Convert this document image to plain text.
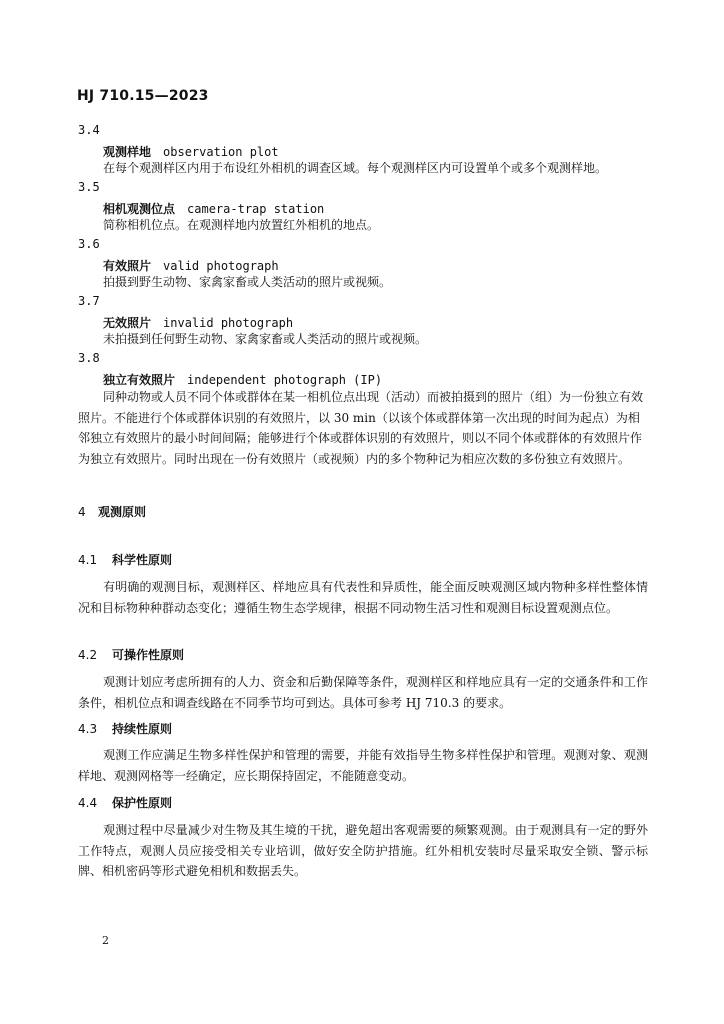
HJ 710.15—2023
3.4
观测样地 observation plot
在每个观测样区内用于布设红外相机的调查区域。每个观测样区内可设置单个或多个观测样地。
3.5
相机观测位点 camera-trap station
简称相机位点。在观测样地内放置红外相机的地点。
3.6
有效照片 valid photograph
拍摄到野生动物、家禽家畜或人类活动的照片或视频。
3.7
无效照片 invalid photograph
未拍摄到任何野生动物、家禽家畜或人类活动的照片或视频。
3.8
独立有效照片 independent photograph (IP)
同种动物或人员不同个体或群体在某一相机位点出现（活动）而被拍摄到的照片（组）为一份独立有效照片。不能进行个体或群体识别的有效照片，以 30 min（以该个体或群体第一次出现的时间为起点）为相邻独立有效照片的最小时间间隔；能够进行个体或群体识别的有效照片，则以不同个体或群体的有效照片作为独立有效照片。同时出现在一份有效照片（或视频）内的多个物种记为相应次数的多份独立有效照片。
4 观测原则
4.1 科学性原则
有明确的观测目标，观测样区、样地应具有代表性和异质性，能全面反映观测区域内物种多样性整体情况和目标物种种群动态变化；遵循生物生态学规律，根据不同动物生活习性和观测目标设置观测点位。
4.2 可操作性原则
观测计划应考虑所拥有的人力、资金和后勤保障等条件，观测样区和样地应具有一定的交通条件和工作条件，相机位点和调查线路在不同季节均可到达。具体可参考 HJ 710.3 的要求。
4.3 持续性原则
观测工作应满足生物多样性保护和管理的需要，并能有效指导生物多样性保护和管理。观测对象、观测样地、观测网格等一经确定，应长期保持固定，不能随意变动。
4.4 保护性原则
观测过程中尽量减少对生物及其生境的干扰，避免超出客观需要的频繁观测。由于观测具有一定的野外工作特点，观测人员应接受相关专业培训，做好安全防护措施。红外相机安装时尽量采取安全锁、警示标牌、相机密码等形式避免相机和数据丢失。
2
